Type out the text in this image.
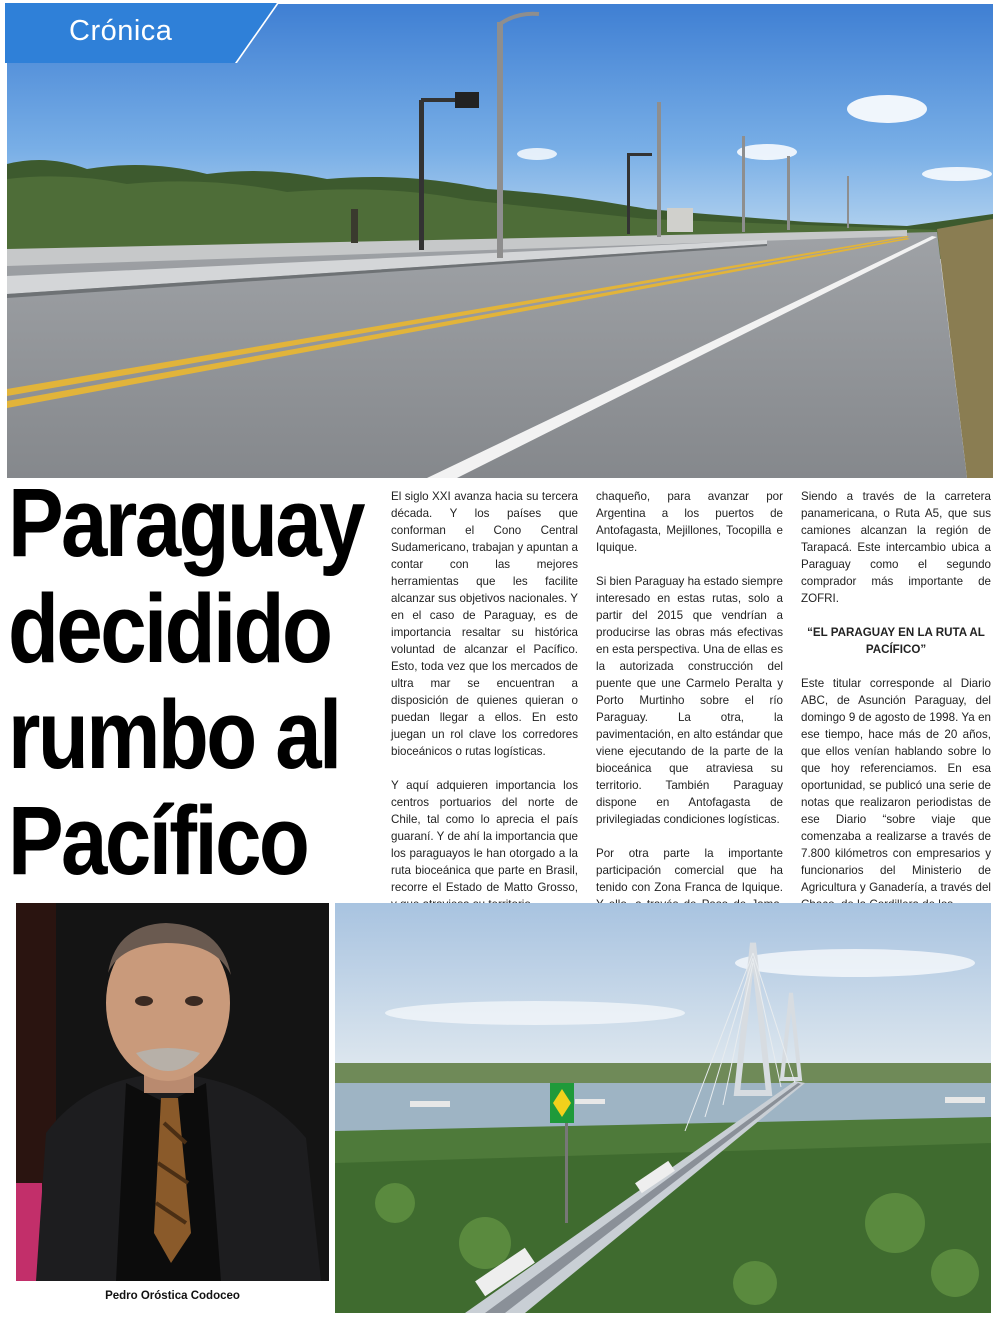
Crónica
Paraguay
decidido
rumbo al
Pacífico

El siglo XXI avanza hacia su tercera década. Y los países que conforman el Cono Central Sudamericano, trabajan y apuntan a contar con las mejores herramientas que les facilite alcanzar sus objetivos nacionales. Y en el caso de Paraguay, es de importancia resaltar su histórica voluntad de alcanzar el Pacífico. Esto, toda vez que los mercados de ultra mar se encuentran a disposición de quienes quieran o puedan llegar a ellos. En esto juegan un rol clave los corredores bioceánicos o rutas logísticas.

Y aquí adquieren importancia los centros portuarios del norte de Chile, tal como lo aprecia el país guaraní. Y de ahí la importancia que los paraguayos le han otorgado a la ruta bioceánica que parte en Brasil, recorre el Estado de Matto Grosso,

chaqueño, para avanzar por Argentina a los puertos de Antofagasta, Mejillones, Tocopilla e Iquique.

Si bien Paraguay ha estado siempre interesado en estas rutas, solo a partir del 2015 que vendrían a producirse las obras más efectivas en esta perspectiva. Una de ellas es la autorizada construcción del puente que une Carmelo Peralta y Porto Murtinho sobre el río Paraguay. La otra, la pavimentación, en alto estándar que viene ejecutando de la parte de la bioceánica que atraviesa su territorio. También Paraguay dispone en Antofagasta de privilegiadas condiciones logísticas.

Por otra parte la importante participación comercial que ha tenido con Zona Franca de Iquique.

Siendo a través de la carretera panamericana, o Ruta A5, que sus camiones alcanzan la región de Tarapacá. Este intercambio ubica a Paraguay como el segundo comprador más importante de ZOFRI.

“EL PARAGUAY EN LA RUTA AL PACÍFICO”

Este titular corresponde al Diario ABC, de Asunción Paraguay, del domingo 9 de agosto de 1998. Ya en ese tiempo, hace más de 20 años, que ellos venían hablando sobre lo que hoy referenciamos. En esa oportunidad, se publicó una serie de notas que realizaron periodistas de ese Diario “sobre viaje que comenzaba a realizarse a través de 7.800 kilómetros con empresarios y funcionarios del Ministerio de Agricultura y Ganadería, a través del

Pedro Oróstica Codoceo
